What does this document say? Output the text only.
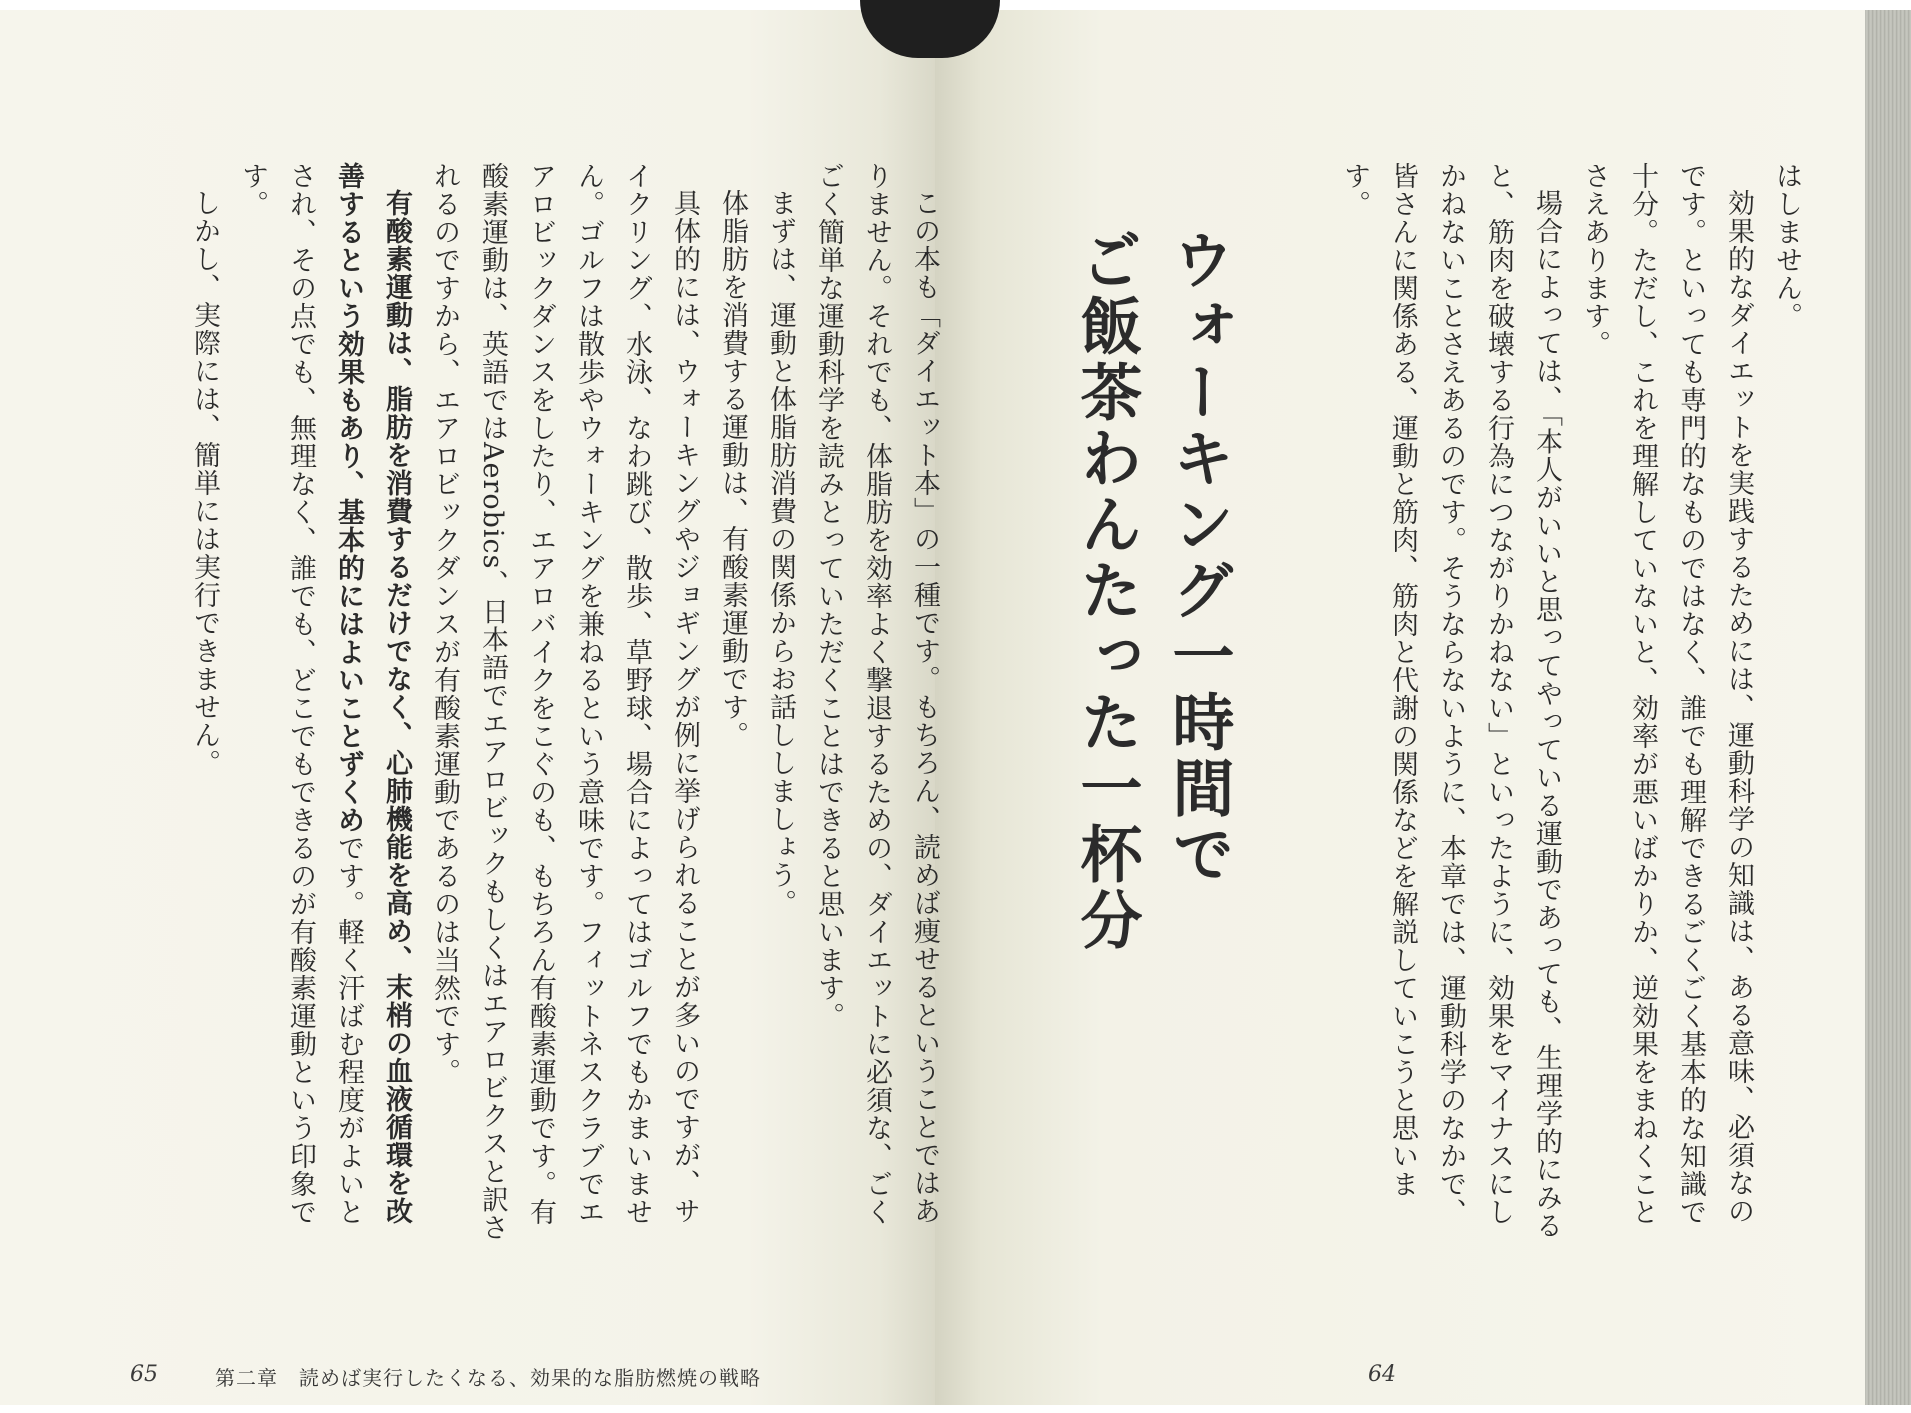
この本も「ダイエット本」の一種です。もちろん、読めば痩せるということではありません。それでも、体脂肪を効率よく撃退するための、ダイエットに必須な、ごくごく簡単な運動科学を読みとっていただくことはできると思います。

まずは、運動と体脂肪消費の関係からお話ししましょう。

体脂肪を消費する運動は、有酸素運動です。

具体的には、ウォーキングやジョギングが例に挙げられることが多いのですが、サイクリング、水泳、なわ跳び、散歩、草野球、場合によってはゴルフでもかまいません。ゴルフは散歩やウォーキングを兼ねるという意味です。フィットネスクラブでエアロビックダンスをしたり、エアロバイクをこぐのも、もちろん有酸素運動です。有酸素運動は、英語ではAerobics、日本語でエアロビックもしくはエアロビクスと訳されるのですから、エアロビックダンスが有酸素運動であるのは当然です。

有酸素運動は、脂肪を消費するだけでなく、心肺機能を高め、末梢の血液循環を改善するという効果もあり、基本的にはよいことずくめです。軽く汗ばむ程度がよいとされ、その点でも、無理なく、誰でも、どこでもできるのが有酸素運動という印象です。

しかし、実際には、簡単には実行できません。	ウォーキング一時間で
ご飯茶わんたった一杯分	はしません。

効果的なダイエットを実践するためには、運動科学の知識は、ある意味、必須なのです。といっても専門的なものではなく、誰でも理解できるごくごく基本的な知識で十分。ただし、これを理解していないと、効率が悪いばかりか、逆効果をまねくことさえあります。

場合によっては、「本人がいいと思ってやっている運動であっても、生理学的にみると、筋肉を破壊する行為につながりかねない」といったように、効果をマイナスにしかねないことさえあるのです。そうならないように、本章では、運動科学のなかで、皆さんに関係ある、運動と筋肉、筋肉と代謝の関係などを解説していこうと思います。

65	第二章　読めば実行したくなる、効果的な脂肪燃焼の戦略	64
